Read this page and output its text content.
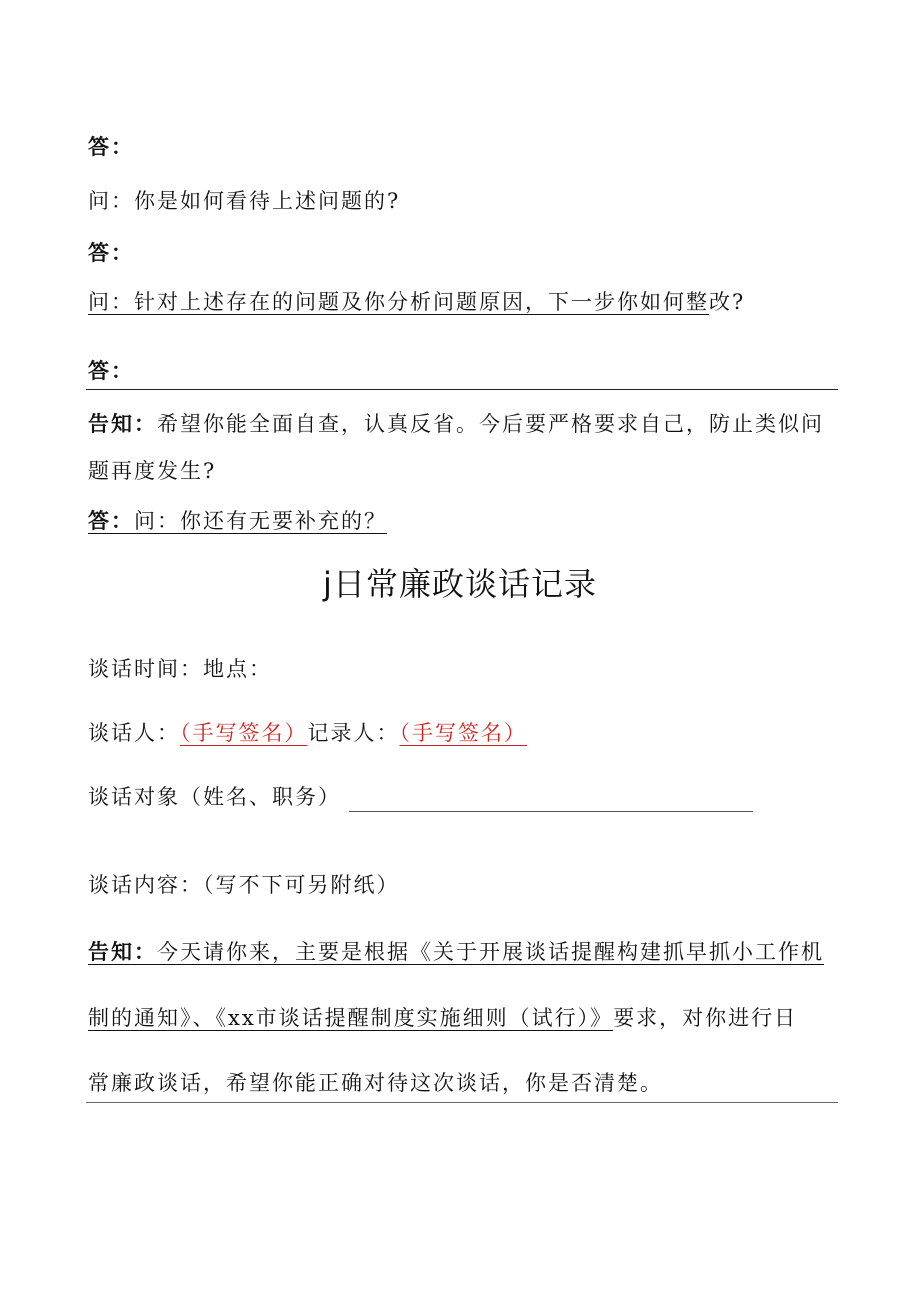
答：
问：你是如何看待上述问题的?
答：
问：针对上述存在的问题及你分析问题原因，下一步你如何整改?
答：
告知：希望你能全面自查，认真反省。今后要严格要求自己，防止类似问
题再度发生?
答：问：你还有无要补充的？
j日常廉政谈话记录
谈话时间：地点：
谈话人：（手写签名）记录人：（手写签名）
谈话对象（姓名、职务）
谈话内容：（写不下可另附纸）
告知：今天请你来，主要是根据《关于开展谈话提醒构建抓早抓小工作机
制的通知》、《xx市谈话提醒制度实施细则（试行）》要求，对你进行日
常廉政谈话，希望你能正确对待这次谈话，你是否清楚。
